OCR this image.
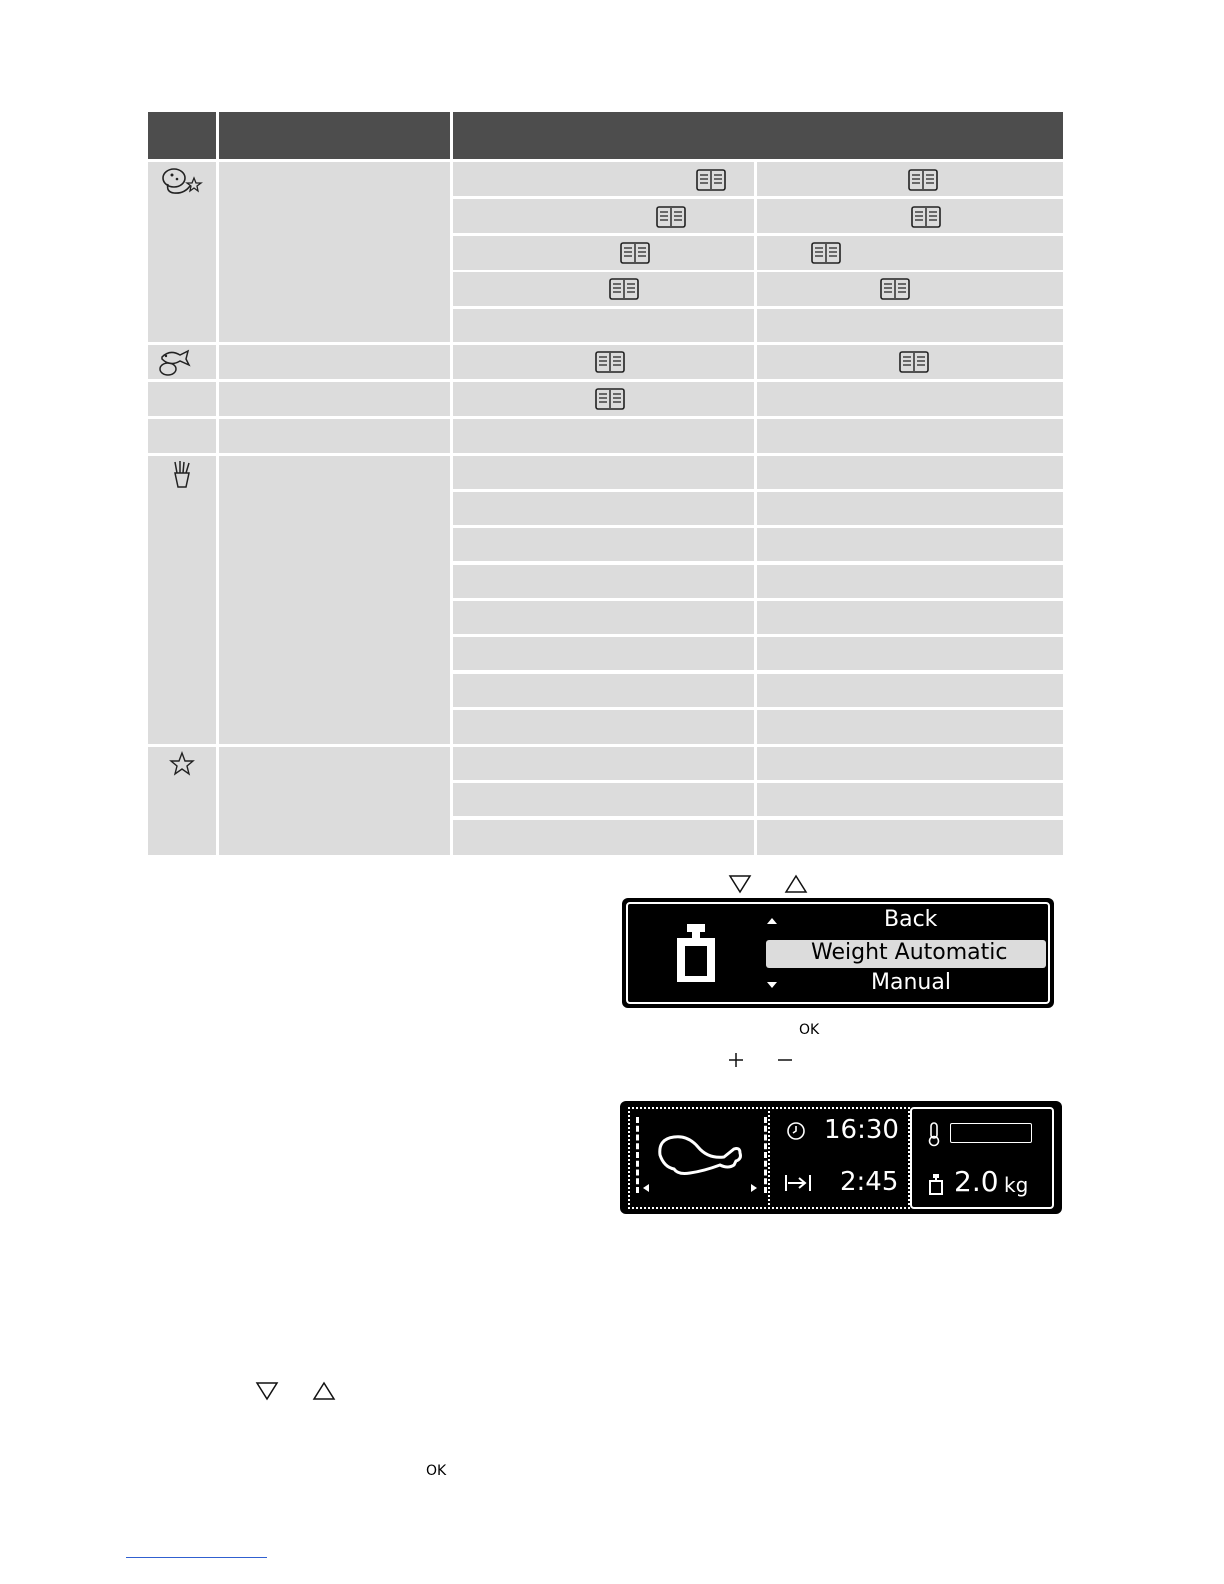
Back
Weight Automatic
Manual
OK
16:30
2:45 2.0 kg
OK
